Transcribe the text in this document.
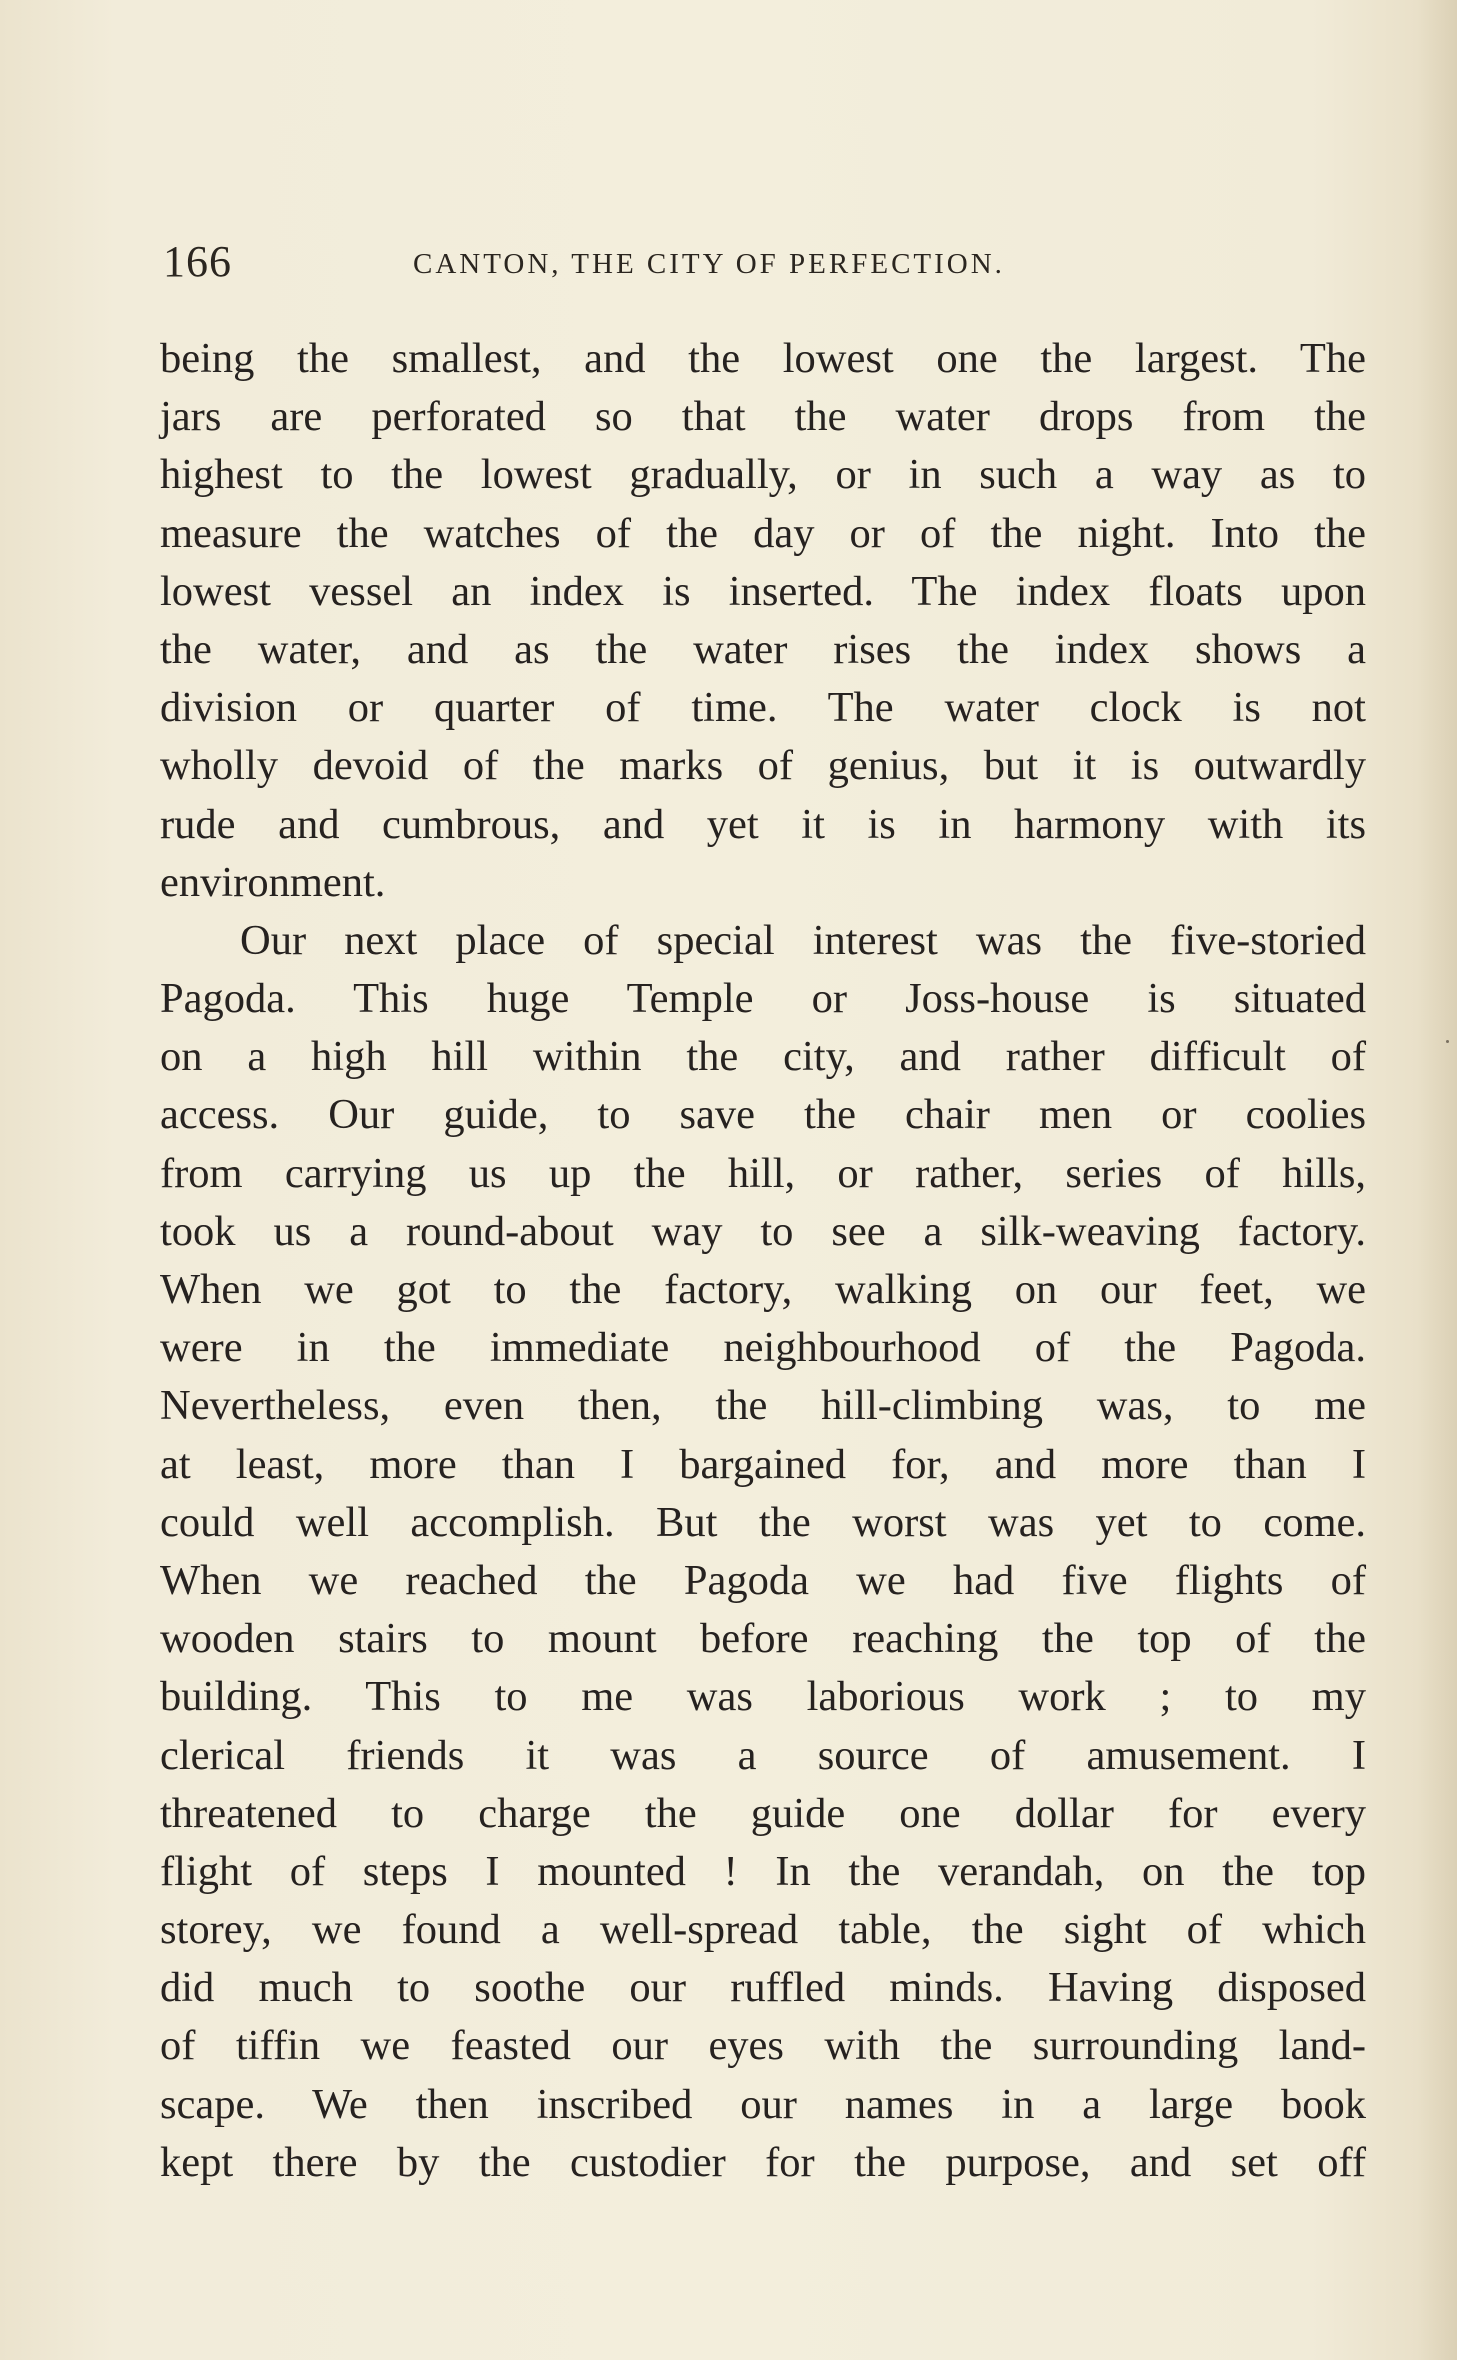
166	CANTON, THE CITY OF PERFECTION.
being the smallest, and the lowest one the largest. The
jars are perforated so that the water drops from the
highest to the lowest gradually, or in such a way as to
measure the watches of the day or of the night. Into the
lowest vessel an index is inserted. The index floats upon
the water, and as the water rises the index shows a
division or quarter of time. The water clock is not
wholly devoid of the marks of genius, but it is outwardly
rude and cumbrous, and yet it is in harmony with its
environment.
Our next place of special interest was the five-storied
Pagoda. This huge Temple or Joss-house is situated
on a high hill within the city, and rather difficult of
access. Our guide, to save the chair men or coolies
from carrying us up the hill, or rather, series of hills,
took us a round-about way to see a silk-weaving factory.
When we got to the factory, walking on our feet, we
were in the immediate neighbourhood of the Pagoda.
Nevertheless, even then, the hill-climbing was, to me
at least, more than I bargained for, and more than I
could well accomplish. But the worst was yet to come.
When we reached the Pagoda we had five flights of
wooden stairs to mount before reaching the top of the
building. This to me was laborious work ; to my
clerical friends it was a source of amusement. I
threatened to charge the guide one dollar for every
flight of steps I mounted ! In the verandah, on the top
storey, we found a well-spread table, the sight of which
did much to soothe our ruffled minds. Having disposed
of tiffin we feasted our eyes with the surrounding land-
scape. We then inscribed our names in a large book
kept there by the custodier for the purpose, and set off
